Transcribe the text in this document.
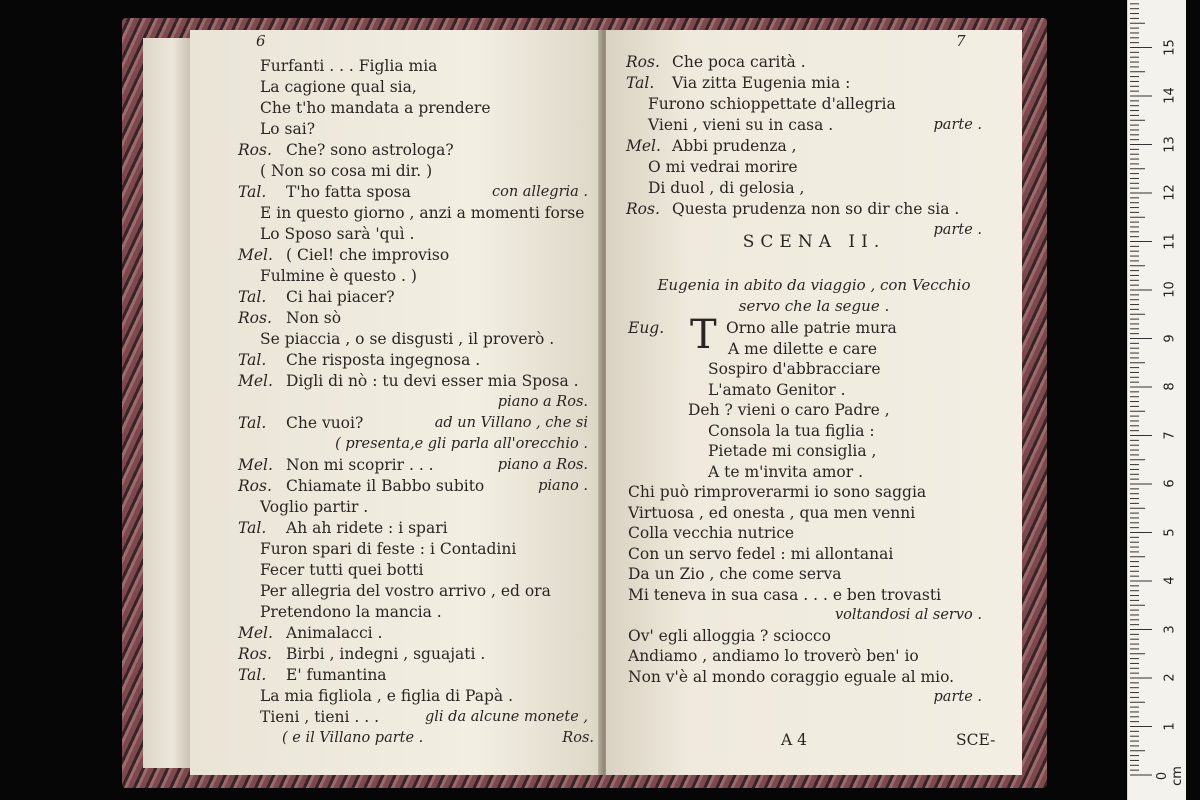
6
Furfanti . . . Figlia mia
La cagione qual sia,
Che t'ho mandata a prendere
Lo sai?
Ros. Che? sono astrologa?
( Non so cosa mi dir. )
Tal. T'ho fatta sposa	con allegria .
E in questo giorno , anzi a momenti forse
Lo Sposo sarà 'quì .
Mel. ( Ciel! che improviso
Fulmine è questo . )
Tal. Ci hai piacer?
Ros. Non sò
Se piaccia , o se disgusti , il proverò .
Tal. Che risposta ingegnosa .
Mel. Digli di nò : tu devi esser mia Sposa .
piano a Ros.
Tal. Che vuoi?	ad un Villano , che si
( presenta,e gli parla all'orecchio .
Mel. Non mi scoprir . . .	piano a Ros.
Ros. Chiamate il Babbo subito	piano .
Voglio partir .
Tal. Ah ah ridete : i spari
Furon spari di feste : i Contadini
Fecer tutti quei botti
Per allegria del vostro arrivo , ed ora
Pretendono la mancia .
Mel. Animalacci .
Ros. Birbi , indegni , sguajati .
Tal. E' fumantina
La mia figliola , e figlia di Papà .
Tieni , tieni . . .	gli da alcune monete ,
( e il Villano parte .	Ros.
7
SCENA II.
Eugenia in abito da viaggio , con Vecchio
servo che la segue .
Eug. T
SCE-
A 4
Ros. Che poca carità .
Tal. Via zitta Eugenia mia :
Furono schioppettate d'allegria
Vieni , vieni su in casa .	parte .
Mel. Abbi prudenza ,
O mi vedrai morire
Di duol , di gelosia ,
Ros. Questa prudenza non so dir che sia .
parte .
Orno alle patrie mura
A me dilette e care
Sospiro d'abbracciare
L'amato Genitor .
Deh ? vieni o caro Padre ,
Consola la tua figlia :
Pietade mi consiglia ,
A te m'invita amor .
Chi può rimproverarmi io sono saggia
Virtuosa , ed onesta , qua men venni
Colla vecchia nutrice
Con un servo fedel : mi allontanai
Da un Zio , che come serva
Mi teneva in sua casa . . . e ben trovasti
voltandosi al servo .
Ov' egli alloggia ? sciocco
Andiamo , andiamo lo troverò ben' io
Non v'è al mondo coraggio eguale al mio.
parte .
0 cm
1
2
3
4
5
6
7
8
9
10
11
12
13
14
15
